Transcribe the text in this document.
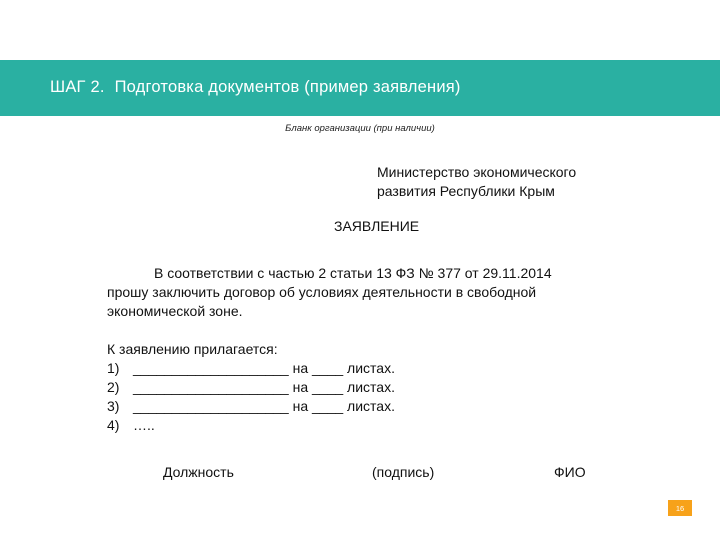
ШАГ 2. Подготовка документов (пример заявления)
Бланк организации (при наличии)
Министерство экономического
развития Республики Крым
ЗАЯВЛЕНИЕ
В соответствии с частью 2 статьи 13 ФЗ № 377 от 29.11.2014
прошу заключить договор об условиях деятельности в свободной
экономической зоне.
К заявлению прилагается:
1) ____________________ на ____ листах.
2) ____________________ на ____ листах.
3) ____________________ на ____ листах.
4) …..
Должность	(подпись)	ФИО
16
